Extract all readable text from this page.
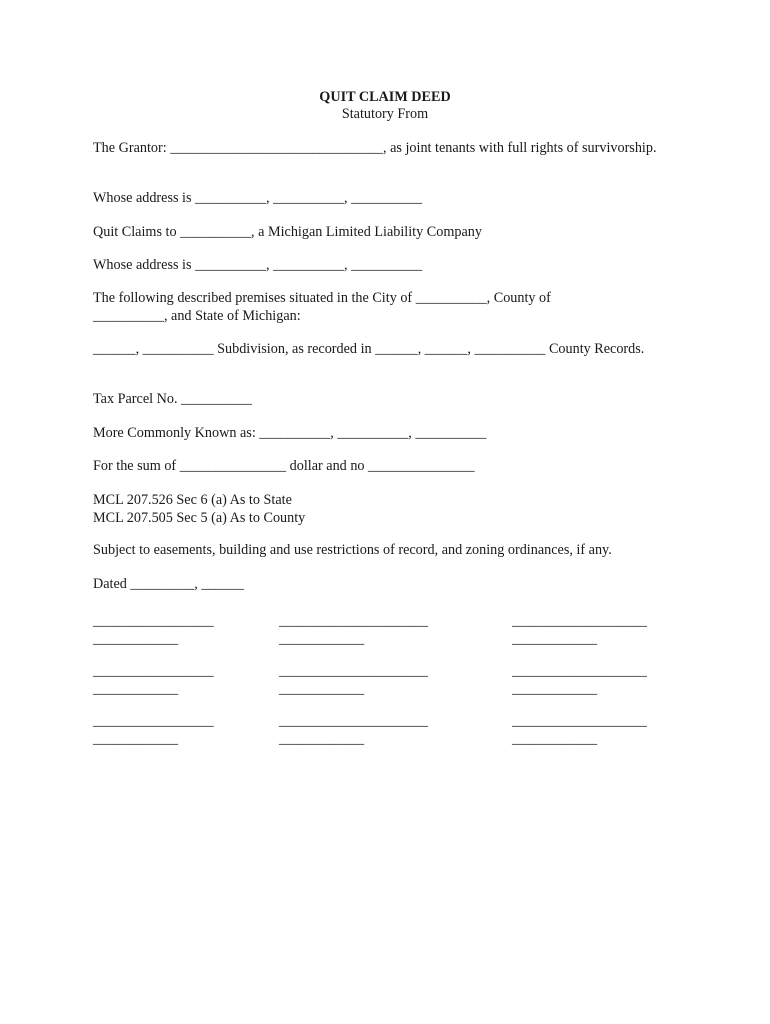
QUIT CLAIM DEED
Statutory From

The Grantor: ______________________________, as joint tenants with full rights of survivorship.

Whose address is __________, __________, __________

Quit Claims to __________, a Michigan Limited Liability Company

Whose address is __________, __________, __________

The following described premises situated in the City of __________, County of __________, and State of Michigan:

______, __________ Subdivision, as recorded in ______, ______, __________ County Records.

Tax Parcel No. __________

More Commonly Known as: __________, __________, __________

For the sum of _______________ dollar and no _______________

MCL 207.526 Sec 6 (a) As to State
MCL 207.505 Sec 5 (a) As to County

Subject to easements, building and use restrictions of record, and zoning ordinances, if any.

Dated _________, ______

_________________
____________

_____________________
____________

___________________
____________

_________________
____________

_____________________
____________

___________________
____________

_________________
____________

_____________________
____________

___________________
____________
